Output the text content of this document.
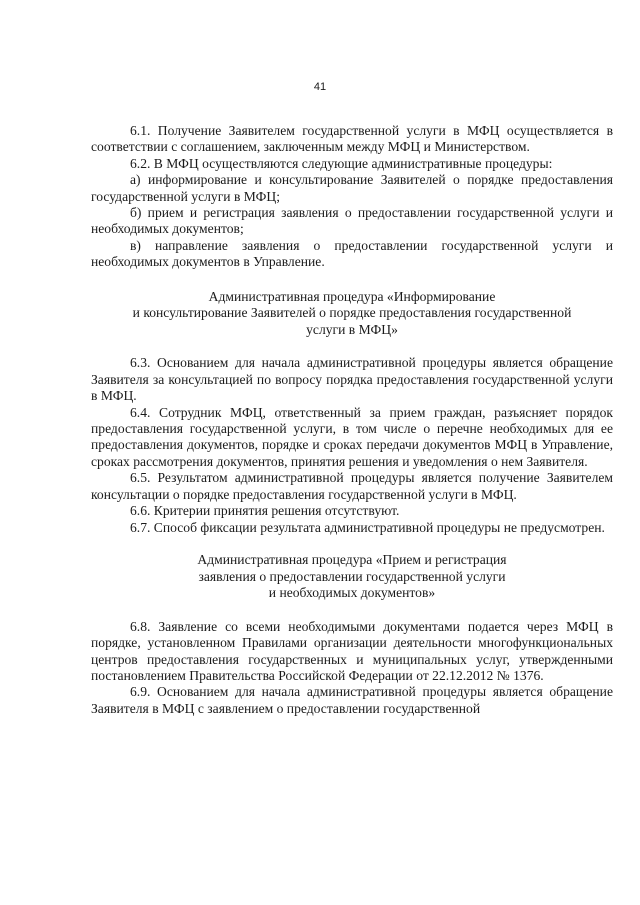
41

6.1. Получение Заявителем государственной услуги в МФЦ осуществляется в соответствии с соглашением, заключенным между МФЦ и Министерством.

6.2. В МФЦ осуществляются следующие административные процедуры:

а) информирование и консультирование Заявителей о порядке предоставления государственной услуги в МФЦ;

б) прием и регистрация заявления о предоставлении государственной услуги и необходимых документов;

в) направление заявления о предоставлении государственной услуги и необходимых документов в Управление.

Административная процедура «Информирование
и консультирование Заявителей о порядке предоставления государственной
услуги в МФЦ»

6.3. Основанием для начала административной процедуры является обращение Заявителя за консультацией по вопросу порядка предоставления государственной услуги в МФЦ.

6.4. Сотрудник МФЦ, ответственный за прием граждан, разъясняет порядок предоставления государственной услуги, в том числе о перечне необходимых для ее предоставления документов, порядке и сроках передачи документов МФЦ в Управление, сроках рассмотрения документов, принятия решения и уведомления о нем Заявителя.

6.5. Результатом административной процедуры является получение Заявителем консультации о порядке предоставления государственной услуги в МФЦ.

6.6. Критерии принятия решения отсутствуют.

6.7. Способ фиксации результата административной процедуры не предусмотрен.

Административная процедура «Прием и регистрация
заявления о предоставлении государственной услуги
и необходимых документов»

6.8. Заявление со всеми необходимыми документами подается через МФЦ в порядке, установленном Правилами организации деятельности многофункциональных центров предоставления государственных и муниципальных услуг, утвержденными постановлением Правительства Российской Федерации от 22.12.2012 № 1376.

6.9. Основанием для начала административной процедуры является обращение Заявителя в МФЦ с заявлением о предоставлении государственной
